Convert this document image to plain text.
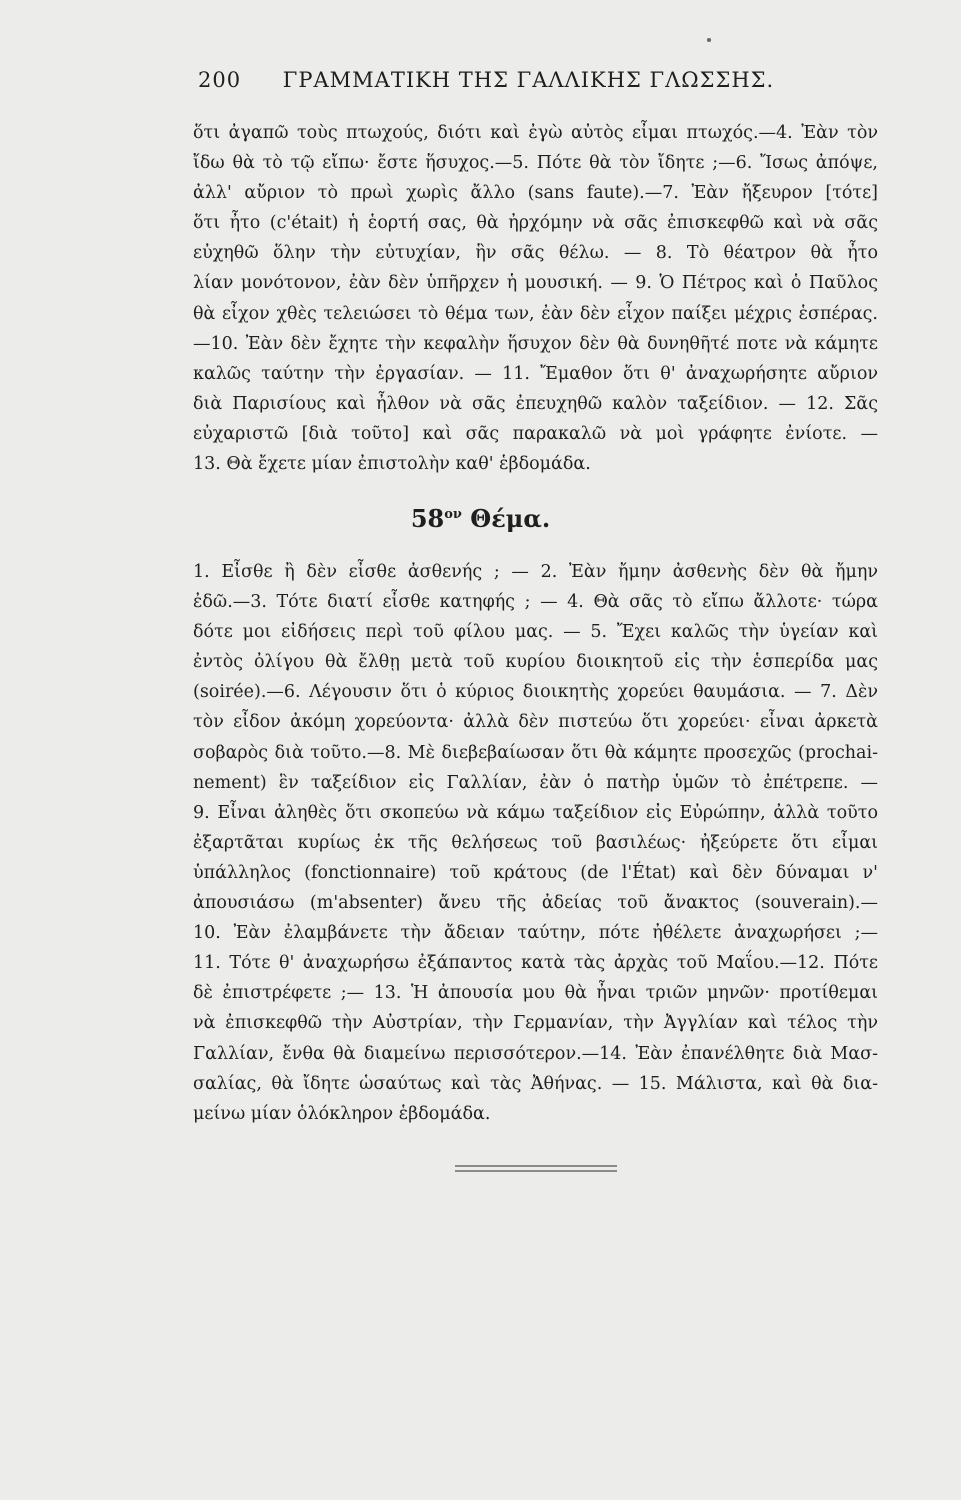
200 ΓΡΑΜΜΑΤΙΚΗ ΤΗΣ ΓΑΛΛΙΚΗΣ ΓΛΩΣΣΗΣ.
ὅτι ἀγαπῶ τοὺς πτωχούς, διότι καὶ ἐγὼ αὐτὸς εἶμαι πτωχός.—4. Ἐὰν τὸν
ἴδω θὰ τὸ τῷ εἴπω· ἔστε ἥσυχος.—5. Πότε θὰ τὸν ἴδητε ;—6. Ἴσως ἀπόψε,
ἀλλ' αὔριον τὸ πρωὶ χωρὶς ἄλλο (sans faute).—7. Ἐὰν ἤξευρον [τότε]
ὅτι ἦτο (c'était) ἡ ἑορτή σας, θὰ ἠρχόμην νὰ σᾶς ἐπισκεφθῶ καὶ νὰ σᾶς
εὐχηθῶ ὅλην τὴν εὐτυχίαν, ἣν σᾶς θέλω. — 8. Τὸ θέατρον θὰ ἦτο
λίαν μονότονον, ἐὰν δὲν ὑπῆρχεν ἡ μουσική. — 9. Ὁ Πέτρος καὶ ὁ Παῦλος
θὰ εἶχον χθὲς τελειώσει τὸ θέμα των, ἐὰν δὲν εἶχον παίξει μέχρις ἑσπέρας.
—10. Ἐὰν δὲν ἔχητε τὴν κεφαλὴν ἥσυχον δὲν θὰ δυνηθῆτέ ποτε νὰ κάμητε
καλῶς ταύτην τὴν ἐργασίαν. — 11. Ἔμαθον ὅτι θ' ἀναχωρήσητε αὔριον
διὰ Παρισίους καὶ ἦλθον νὰ σᾶς ἐπευχηθῶ καλὸν ταξείδιον. — 12. Σᾶς
εὐχαριστῶ [διὰ τοῦτο] καὶ σᾶς παρακαλῶ νὰ μοὶ γράφητε ἐνίοτε. —
13. Θὰ ἔχετε μίαν ἐπιστολὴν καθ' ἑβδομάδα.
$58^{o\nu}$ Θέμα.
1. Εἶσθε ἢ δὲν εἶσθε ἀσθενής ; — 2. Ἐὰν ἤμην ἀσθενὴς δὲν θὰ ἤμην
ἐδῶ.—3. Τότε διατί εἶσθε κατηφής ; — 4. Θὰ σᾶς τὸ εἴπω ἄλλοτε· τώρα
δότε μοι εἰδήσεις περὶ τοῦ φίλου μας. — 5. Ἔχει καλῶς τὴν ὑγείαν καὶ
ἐντὸς ὀλίγου θὰ ἔλθῃ μετὰ τοῦ κυρίου διοικητοῦ εἰς τὴν ἑσπερίδα μας
(soirée).—6. Λέγουσιν ὅτι ὁ κύριος διοικητὴς χορεύει θαυμάσια. — 7. Δὲν
τὸν εἶδον ἀκόμη χορεύοντα· ἀλλὰ δὲν πιστεύω ὅτι χορεύει· εἶναι ἀρκετὰ
σοβαρὸς διὰ τοῦτο.—8. Μὲ διεβεβαίωσαν ὅτι θὰ κάμητε προσεχῶς (prochai-
nement) ἓν ταξείδιον εἰς Γαλλίαν, ἐὰν ὁ πατὴρ ὑμῶν τὸ ἐπέτρεπε. —
9. Εἶναι ἀληθὲς ὅτι σκοπεύω νὰ κάμω ταξείδιον εἰς Εὐρώπην, ἀλλὰ τοῦτο
ἐξαρτᾶται κυρίως ἐκ τῆς θελήσεως τοῦ βασιλέως· ἠξεύρετε ὅτι εἶμαι
ὑπάλληλος (fonctionnaire) τοῦ κράτους (de l'État) καὶ δὲν δύναμαι ν'
ἀπουσιάσω (m'absenter) ἄνευ τῆς ἀδείας τοῦ ἄνακτος (souverain).—
10. Ἐὰν ἐλαμβάνετε τὴν ἄδειαν ταύτην, πότε ἠθέλετε ἀναχωρήσει ;—
11. Τότε θ' ἀναχωρήσω ἐξάπαντος κατὰ τὰς ἀρχὰς τοῦ Μαΐου.—12. Πότε
δὲ ἐπιστρέφετε ;— 13. Ἡ ἀπουσία μου θὰ ἦναι τριῶν μηνῶν· προτίθεμαι
νὰ ἐπισκεφθῶ τὴν Αὐστρίαν, τὴν Γερμανίαν, τὴν Ἀγγλίαν καὶ τέλος τὴν
Γαλλίαν, ἔνθα θὰ διαμείνω περισσότερον.—14. Ἐὰν ἐπανέλθητε διὰ Μασ-
σαλίας, θὰ ἴδητε ὡσαύτως καὶ τὰς Ἀθήνας. — 15. Μάλιστα, καὶ θὰ δια-
μείνω μίαν ὁλόκληρον ἑβδομάδα.
